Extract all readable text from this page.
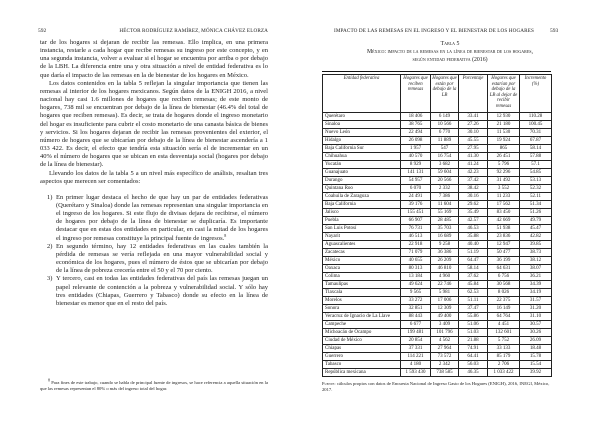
592	HÉCTOR RODRÍGUEZ RAMÍREZ, MÓNICA CHÁVEZ ELORZA

tar de los hogares si dejaran de recibir las remesas. Ello implica, en una primera instancia, restarle a cada hogar que recibe remesas su ingreso por este concepto, y en una segunda instancia, volver a evaluar si el hogar se encuentra por arriba o por debajo de la LBH. La diferencia entre una y otra situación a nivel de entidad federativa es lo que daría el impacto de las remesas en la de bienestar de los hogares en México.

Los datos contenidos en la tabla 5 reflejan la singular importancia que tienen las remesas al interior de los hogares mexicanos. Según datos de la ENIGH 2016, a nivel nacional hay casi 1.6 millones de hogares que reciben remesas; de este monto de hogares, 738 mil se encuentran por debajo de la línea de bienestar (46.4% del total de hogares que reciben remesas). Es decir, se trata de hogares donde el ingreso monetario del hogar es insuficiente para cubrir el costo monetario de una canasta básica de bienes y servicios. Si los hogares dejaran de recibir las remesas provenientes del exterior, el número de hogares que se ubicarían por debajo de la línea de bienestar ascendería a 1 033 422. Es decir, el efecto que tendría esta situación sería el de incrementar en un 40% el número de hogares que se ubican en esta desventaja social (hogares por debajo de la línea de bienestar).

Llevando los datos de la tabla 5 a un nivel más específico de análisis, resaltan tres aspectos que merecen ser comentados:

1) En primer lugar destaca el hecho de que hay un par de entidades federativas (Querétaro y Sinaloa) donde las remesas representan una singular importancia en el ingreso de los hogares. Si este flujo de divisas dejara de recibirse, el número de hogares por debajo de la línea de bienestar se duplicaría. Es importante destacar que en estas dos entidades en particular, en casi la mitad de los hogares el ingreso por remesas constituye la principal fuente de ingresos.$^8$
2) En segundo término, hay 12 entidades federativas en las cuales también la pérdida de remesas se vería reflejada en una mayor vulnerabilidad social y económica de los hogares, pues el número de éstos que se ubicarían por debajo de la línea de pobreza crecería entre el 50 y el 70 por ciento.
3) Y tercero, casi en todas las entidades federativas del país las remesas juegan un papel relevante de contención a la pobreza y vulnerabilidad social. Y sólo hay tres entidades (Chiapas, Guerrero y Tabasco) donde su efecto en la línea de bienestar es menor que en el resto del país.
$^8$ Para fines de este trabajo, cuando se habla de principal fuente de ingresos, se hace referencia a aquella situación en la que las remesas representan el 80% o más del ingreso total del hogar.
IMPACTO DE LAS REMESAS EN EL INGRESO Y EL BIENESTAR DE LOS HOGARES	593
Tabla 5
México: impacto de la remesas en la línea de bienestar de los hogares,
según entidad federativa (2016)
Entidad federativa	Hogares que reciben remesas	Hogares que están por debajo de la LB	Porcentaje	Hogares que estarían por debajo de la LB al dejar de recibir remesas	Incremento (%)
Querétaro	18 406	6 149	33.41	12 930	110.28
Sinaloa	38 765	10 566	27.26	21 180	100.45
Nuevo León	22 494	6 770	30.10	11 530	70.31
Hidalgo	26 098	11 889	45.55	19 924	67.87
Baja California Sur	1 957	547	27.95	865	58.14
Chihuahua	40 570	16 754	41.30	26 451	57.88
Yucatán	8 929	3 682	41.24	5 796	57.1
Guanajuato	141 131	59 604	42.23	92 296	54.85
Durango	54 957	20 566	37.42	31 492	53.13
Quintana Roo	6 070	2 332	38.42	3 552	52.32
Coahuila de Zaragoza	24 491	7 386	30.16	11 233	52.11
Baja California	39 176	11 604	29.62	17 562	51.34
Jalisco	155 451	55 169	35.49	83 450	51.26
Puebla	66 907	28 485	42.57	42 669	49.79
San Luis Potosí	76 731	35 703	46.53	51 938	45.47
Nayarit	46 513	16 689	35.88	23 836	42.82
Aguascalientes	22 918	9 258	40.40	12 947	39.85
Zacatecas	71 079	36 386	51.19	50 477	38.73
México	40 655	26 209	64.47	36 199	38.12
Oaxaca	80 313	46 810	58.14	64 631	38.07
Colima	13 184	4 960	37.62	6 756	36.21
Tamaulipas	49 624	22 746	45.84	30 568	34.39
Tlaxcala	9 565	5 981	62.53	8 026	34.19
Morelos	33 272	17 006	51.11	22 375	31.57
Sonora	32 851	12 309	37.47	16 149	31.20
Veracruz de Ignacio de La Llave	88 443	49 400	55.86	64 764	31.10
Campeche	6 677	3 409	51.06	4 451	30.57
Michoacán de Ocampo	199 481	101 796	51.03	132 601	30.26
Ciudad de México	20 854	4 562	21.88	5 752	26.09
Chiapas	37 331	27 964	74.91	33 133	18.48
Guerrero	114 221	73 572	64.41	85 179	15.78
Tabasco	4 180	2 342	56.03	2 706	15.54
República mexicana	1 593 430	738 585	46.35	1 033 422	39.92
Fuente: cálculos propios con datos de Encuesta Nacional de Ingreso Gasto de los Hogares (ENIGH), 2016, INEGI, México, 2017.
